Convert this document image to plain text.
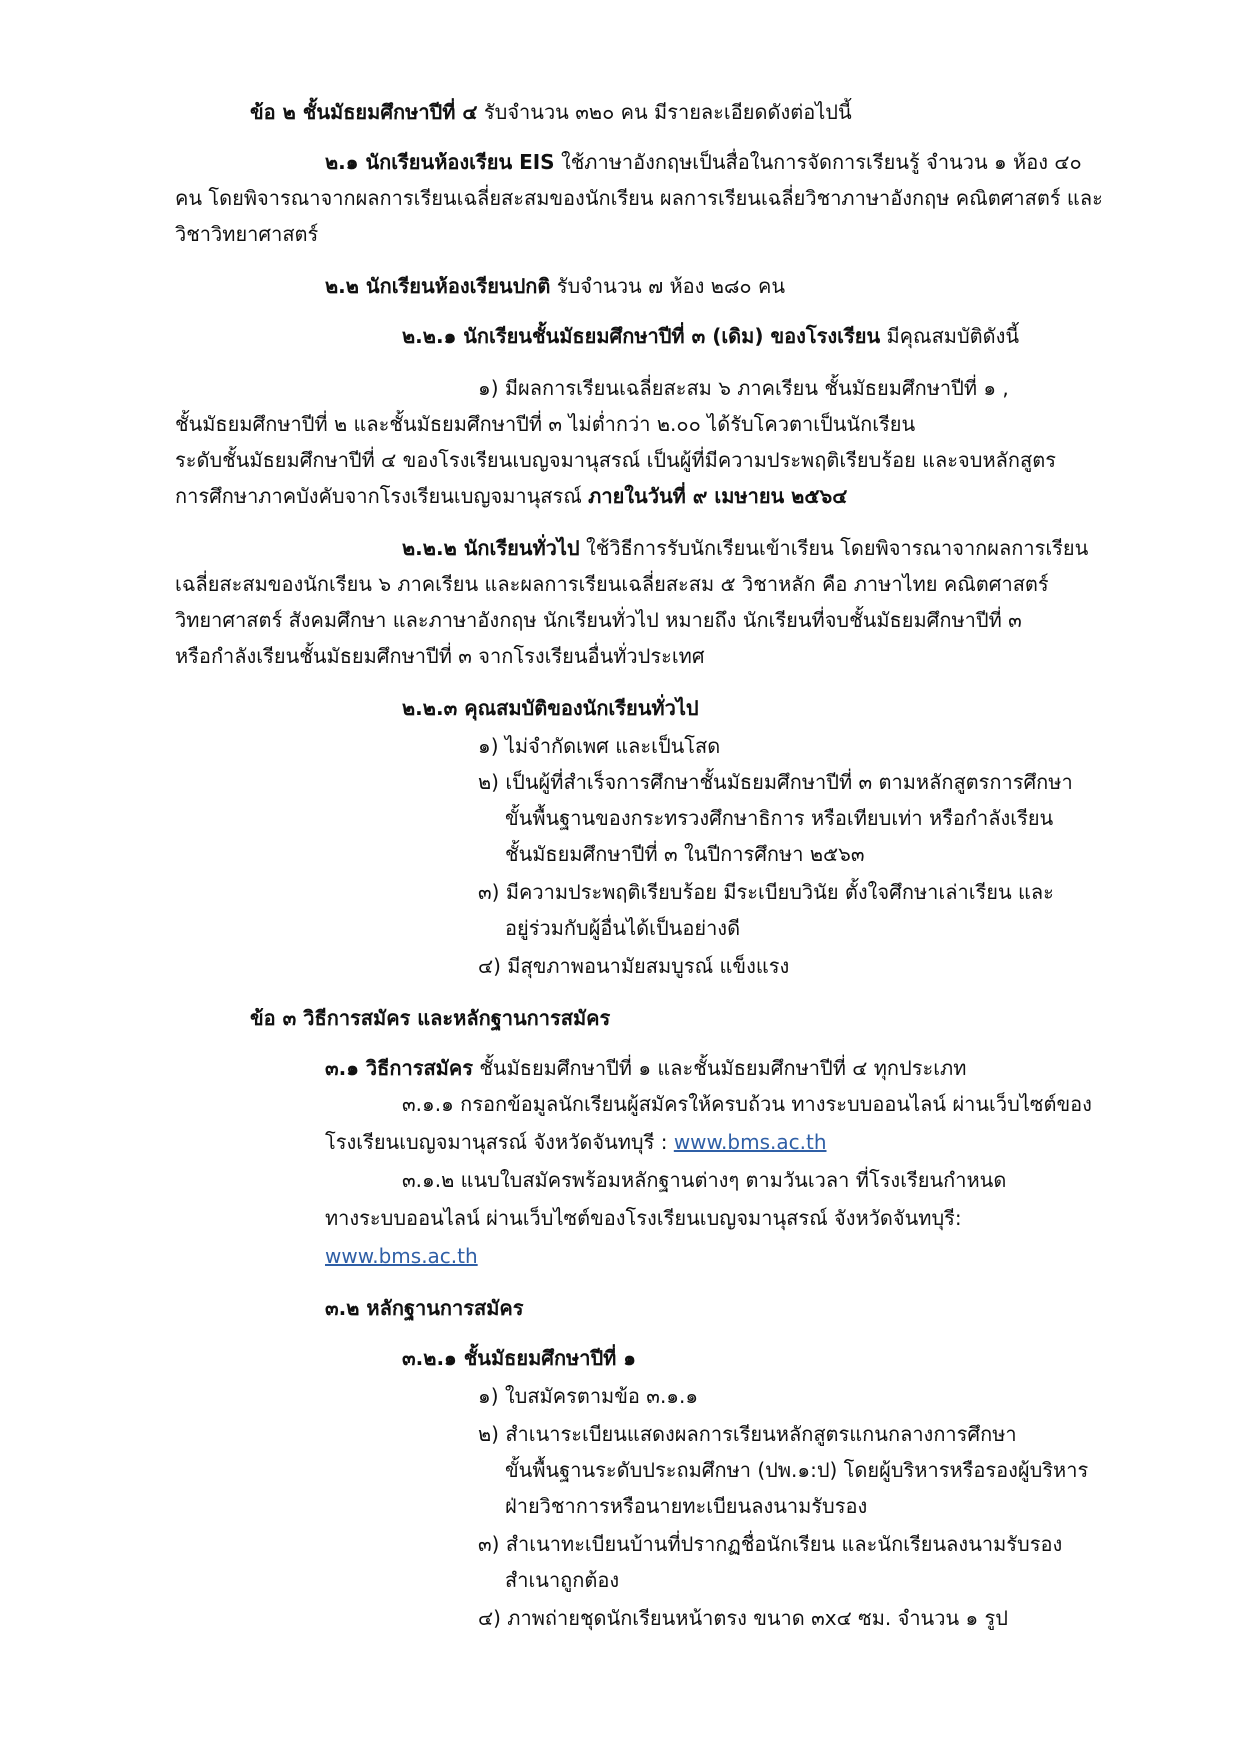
ข้อ ๒ ชั้นมัธยมศึกษาปีที่ ๔ รับจำนวน ๓๒๐ คน มีรายละเอียดดังต่อไปนี้
๒.๑ นักเรียนห้องเรียน EIS ใช้ภาษาอังกฤษเป็นสื่อในการจัดการเรียนรู้ จำนวน ๑ ห้อง ๔๐
คน โดยพิจารณาจากผลการเรียนเฉลี่ยสะสมของนักเรียน ผลการเรียนเฉลี่ยวิชาภาษาอังกฤษ คณิตศาสตร์ และ
วิชาวิทยาศาสตร์
๒.๒ นักเรียนห้องเรียนปกติ รับจำนวน ๗ ห้อง ๒๘๐ คน
๒.๒.๑ นักเรียนชั้นมัธยมศึกษาปีที่ ๓ (เดิม) ของโรงเรียน มีคุณสมบัติดังนี้
๑) มีผลการเรียนเฉลี่ยสะสม ๖ ภาคเรียน ชั้นมัธยมศึกษาปีที่ ๑ ,
ชั้นมัธยมศึกษาปีที่ ๒ และชั้นมัธยมศึกษาปีที่ ๓ ไม่ต่ำกว่า ๒.๐๐ ได้รับโควตาเป็นนักเรียน
ระดับชั้นมัธยมศึกษาปีที่ ๔ ของโรงเรียนเบญจมานุสรณ์ เป็นผู้ที่มีความประพฤติเรียบร้อย และจบหลักสูตร
การศึกษาภาคบังคับจากโรงเรียนเบญจมานุสรณ์ ภายในวันที่ ๙ เมษายน ๒๕๖๔
๒.๒.๒ นักเรียนทั่วไป ใช้วิธีการรับนักเรียนเข้าเรียน โดยพิจารณาจากผลการเรียน
เฉลี่ยสะสมของนักเรียน ๖ ภาคเรียน และผลการเรียนเฉลี่ยสะสม ๕ วิชาหลัก คือ ภาษาไทย คณิตศาสตร์
วิทยาศาสตร์ สังคมศึกษา และภาษาอังกฤษ นักเรียนทั่วไป หมายถึง นักเรียนที่จบชั้นมัธยมศึกษาปีที่ ๓
หรือกำลังเรียนชั้นมัธยมศึกษาปีที่ ๓ จากโรงเรียนอื่นทั่วประเทศ
๒.๒.๓ คุณสมบัติของนักเรียนทั่วไป
๑) ไม่จำกัดเพศ และเป็นโสด
๒) เป็นผู้ที่สำเร็จการศึกษาชั้นมัธยมศึกษาปีที่ ๓ ตามหลักสูตรการศึกษา
ขั้นพื้นฐานของกระทรวงศึกษาธิการ หรือเทียบเท่า หรือกำลังเรียน
ชั้นมัธยมศึกษาปีที่ ๓ ในปีการศึกษา ๒๕๖๓
๓) มีความประพฤติเรียบร้อย มีระเบียบวินัย ตั้งใจศึกษาเล่าเรียน และ
อยู่ร่วมกับผู้อื่นได้เป็นอย่างดี
๔) มีสุขภาพอนามัยสมบูรณ์ แข็งแรง
ข้อ ๓ วิธีการสมัคร และหลักฐานการสมัคร
๓.๑ วิธีการสมัคร ชั้นมัธยมศึกษาปีที่ ๑ และชั้นมัธยมศึกษาปีที่ ๔ ทุกประเภท
๓.๑.๑ กรอกข้อมูลนักเรียนผู้สมัครให้ครบถ้วน ทางระบบออนไลน์ ผ่านเว็บไซต์ของ
โรงเรียนเบญจมานุสรณ์ จังหวัดจันทบุรี : www.bms.ac.th
๓.๑.๒ แนบใบสมัครพร้อมหลักฐานต่างๆ ตามวันเวลา ที่โรงเรียนกำหนด
ทางระบบออนไลน์ ผ่านเว็บไซต์ของโรงเรียนเบญจมานุสรณ์ จังหวัดจันทบุรี:
www.bms.ac.th
๓.๒ หลักฐานการสมัคร
๓.๒.๑ ชั้นมัธยมศึกษาปีที่ ๑
๑) ใบสมัครตามข้อ ๓.๑.๑
๒) สำเนาระเบียนแสดงผลการเรียนหลักสูตรแกนกลางการศึกษา
ขั้นพื้นฐานระดับประถมศึกษา (ปพ.๑:ป) โดยผู้บริหารหรือรองผู้บริหาร
ฝ่ายวิชาการหรือนายทะเบียนลงนามรับรอง
๓) สำเนาทะเบียนบ้านที่ปรากฏชื่อนักเรียน และนักเรียนลงนามรับรอง
สำเนาถูกต้อง
๔) ภาพถ่ายชุดนักเรียนหน้าตรง ขนาด ๓x๔ ซม. จำนวน ๑ รูป
